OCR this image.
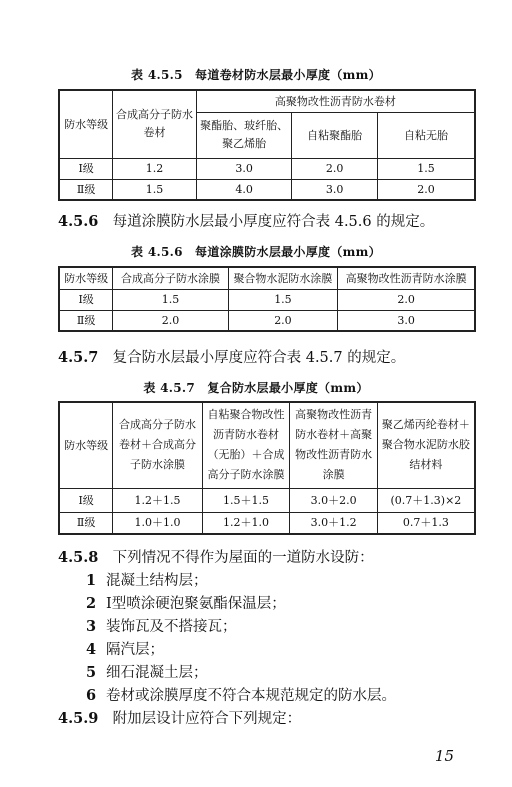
表 4.5.5　每道卷材防水层最小厚度（mm）
防水等级	合成高分子防水卷材	高聚物改性沥青防水卷材		
		聚酯胎、玻纤胎、聚乙烯胎	自粘聚酯胎	自粘无胎
Ⅰ级	1.2	3.0	2.0	1.5
Ⅱ级	1.5	4.0	3.0	2.0
4.5.6 每道涂膜防水层最小厚度应符合表 4.5.6 的规定。
表 4.5.6　每道涂膜防水层最小厚度（mm）
防水等级	合成高分子防水涂膜	聚合物水泥防水涂膜	高聚物改性沥青防水涂膜
Ⅰ级	1.5	1.5	2.0
Ⅱ级	2.0	2.0	3.0
4.5.7 复合防水层最小厚度应符合表 4.5.7 的规定。
表 4.5.7　复合防水层最小厚度（mm）
防水等级	合成高分子防水卷材＋合成高分子防水涂膜	自粘聚合物改性沥青防水卷材（无胎）＋合成高分子防水涂膜	高聚物改性沥青防水卷材＋高聚物改性沥青防水涂膜	聚乙烯丙纶卷材＋聚合物水泥防水胶结材料
Ⅰ级	1.2＋1.5	1.5＋1.5	3.0＋2.0	(0.7＋1.3)×2
Ⅱ级	1.0＋1.0	1.2＋1.0	3.0＋1.2	0.7＋1.3
4.5.8 下列情况不得作为屋面的一道防水设防：
1 混凝土结构层；
2 Ⅰ型喷涂硬泡聚氨酯保温层；
3 装饰瓦及不搭接瓦；
4 隔汽层；
5 细石混凝土层；
6 卷材或涂膜厚度不符合本规范规定的防水层。
4.5.9 附加层设计应符合下列规定：
15
